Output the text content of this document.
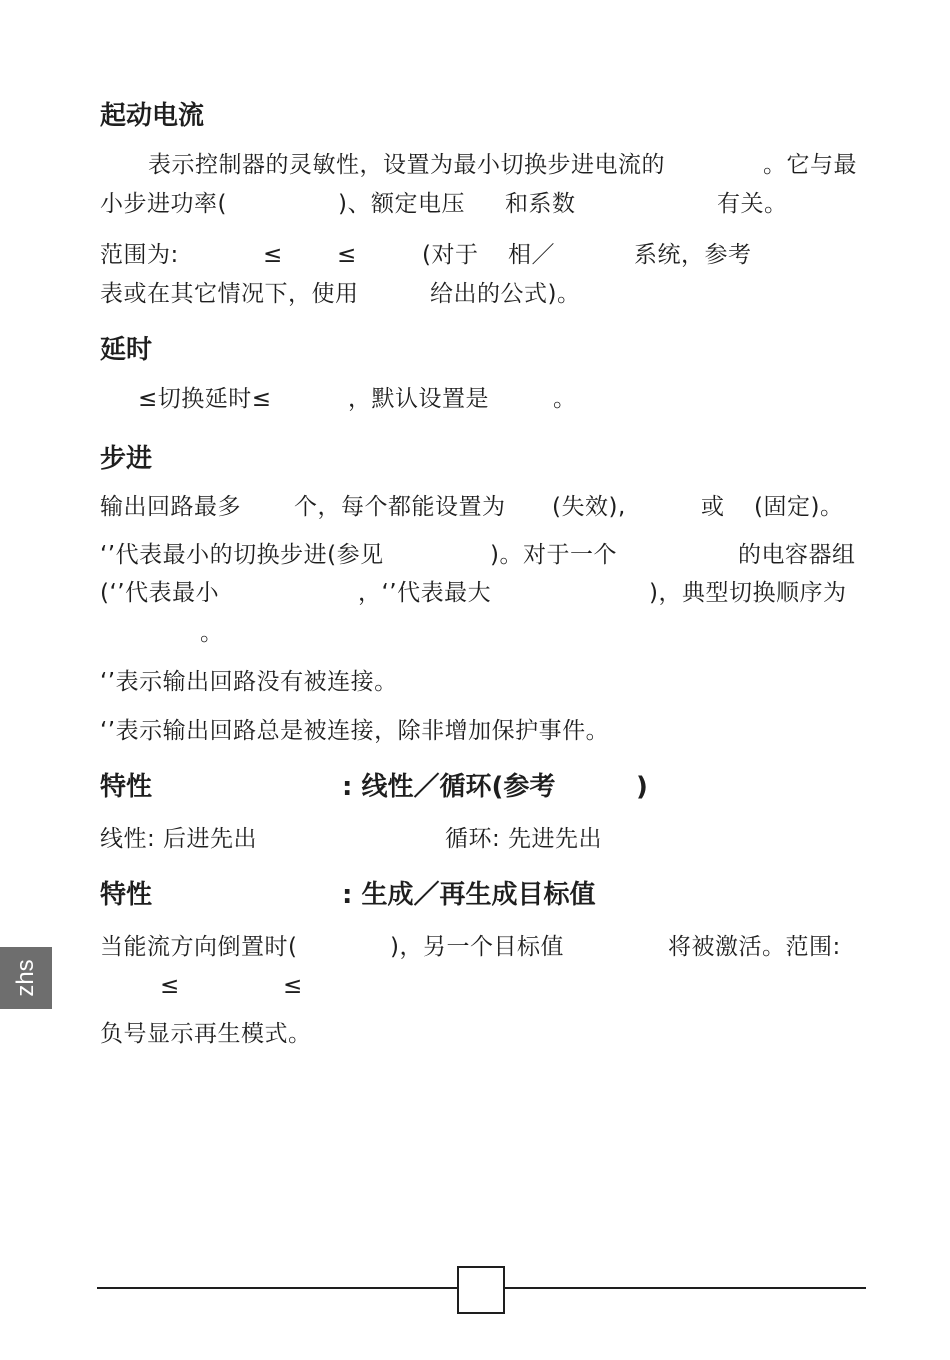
起动电流
表示控制器的灵敏性，设置为最小切换步进电流的	。它与最
小步进功率(	)、额定电压 和系数	有关。
范围为:	≤ ≤	(对于 相／	系统，参考
表或在其它情况下，使用	给出的公式)。
延时
≤切换延时≤	，默认设置是	。
步进
输出回路最多 个，每个都能设置为 (失效),	或 (固定)。
‘’代表最小的切换步进(参见	)。对于一个	的电容器组
(‘’代表最小	，‘’代表最大	)，典型切换顺序为
。
‘’表示输出回路没有被连接。
‘’表示输出回路总是被连接，除非增加保护事件。
特性	: 线性／循环(参考	)
线性: 后进先出	循环: 先进先出
特性	: 生成／再生成目标值
当能流方向倒置时(	)，另一个目标值	将被激活。范围:
≤	≤
负号显示再生模式。
zhs
